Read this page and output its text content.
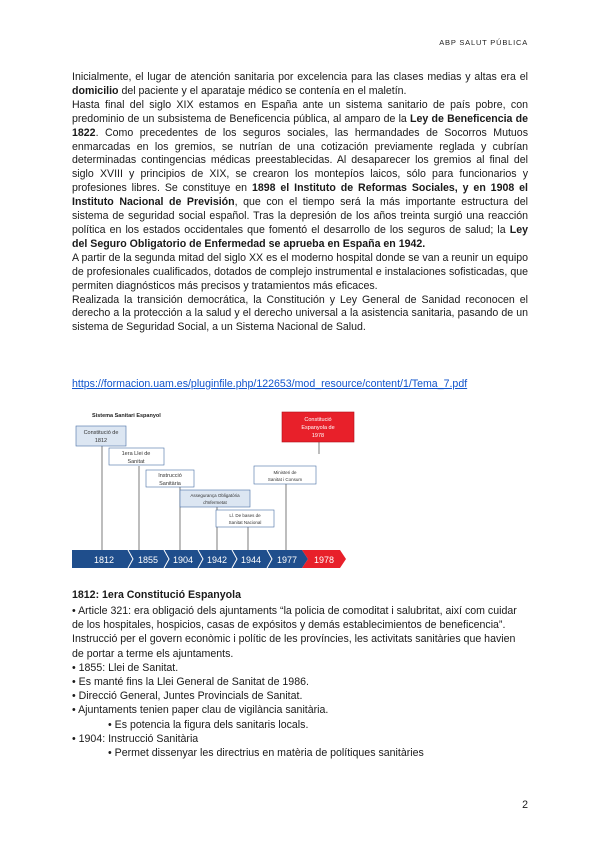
ABP SALUT PÚBLICA

Inicialmente, el lugar de atención sanitaria por excelencia para las clases medias y altas era el domicilio del paciente y el aparataje médico se contenía en el maletín.

Hasta final del siglo XIX estamos en España ante un sistema sanitario de país pobre, con predominio de un subsistema de Beneficencia pública, al amparo de la Ley de Beneficencia de 1822. Como precedentes de los seguros sociales, las hermandades de Socorros Mutuos enmarcadas en los gremios, se nutrían de una cotización previamente reglada y cubrían determinadas contingencias médicas preestablecidas. Al desaparecer los gremios al final del siglo XVIII y principios de XIX, se crearon los montepíos laicos, sólo para funcionarios y profesiones libres. Se constituye en 1898 el Instituto de Reformas Sociales, y en 1908 el Instituto Nacional de Previsión, que con el tiempo será la más importante estructura del sistema de seguridad social español. Tras la depresión de los años treinta surgió una reacción política en los estados occidentales que fomentó el desarrollo de los seguros de salud; la Ley del Seguro Obligatorio de Enfermedad se aprueba en España en 1942.

A partir de la segunda mitad del siglo XX es el moderno hospital donde se van a reunir un equipo de profesionales cualificados, dotados de complejo instrumental e instalaciones sofisticadas, que permiten diagnósticos más precisos y tratamientos más eficaces.

Realizada la transición democrática, la Constitución y Ley General de Sanidad reconocen el derecho a la protección a la salud y el derecho universal a la asistencia sanitaria, pasando de un sistema de Seguridad Social, a un Sistema Nacional de Salud.

https://formacion.uam.es/pluginfile.php/122653/mod_resource/content/1/Tema_7.pdf
Sistema Sanitari Espanyol
Constitució de
1812
1era Llei de
Sanitat
Instrucció
Sanitària
Assegurança Obligatòria
d'Infermetat
Ll. De bases de
Sanitat Nacional
Ministeri de
Sanitat i Consum
Constitució
Espanyola de
1978
1812	1855 1904 1942 1944 1977 1978
1812: 1era Constitució Espanyola
• Article 321: era obligació dels ajuntaments “la policia de comoditat i salubritat, així com cuidar de los hospitales, hospicios, casas de expósitos y demás establecimientos de beneficencia”. Instrucció per el govern econòmic i polític de les províncies, les activitats sanitàries que havien de portar a terme els ajuntaments.
• 1855: Llei de Sanitat.
• Es manté fins la Llei General de Sanitat de 1986.
• Direcció General, Juntes Provincials de Sanitat.
• Ajuntaments tenien paper clau de vigilància sanitària.
• Es potencia la figura dels sanitaris locals.
• 1904: Instrucció Sanitària
• Permet dissenyar les directrius en matèria de polítiques sanitàries
2
